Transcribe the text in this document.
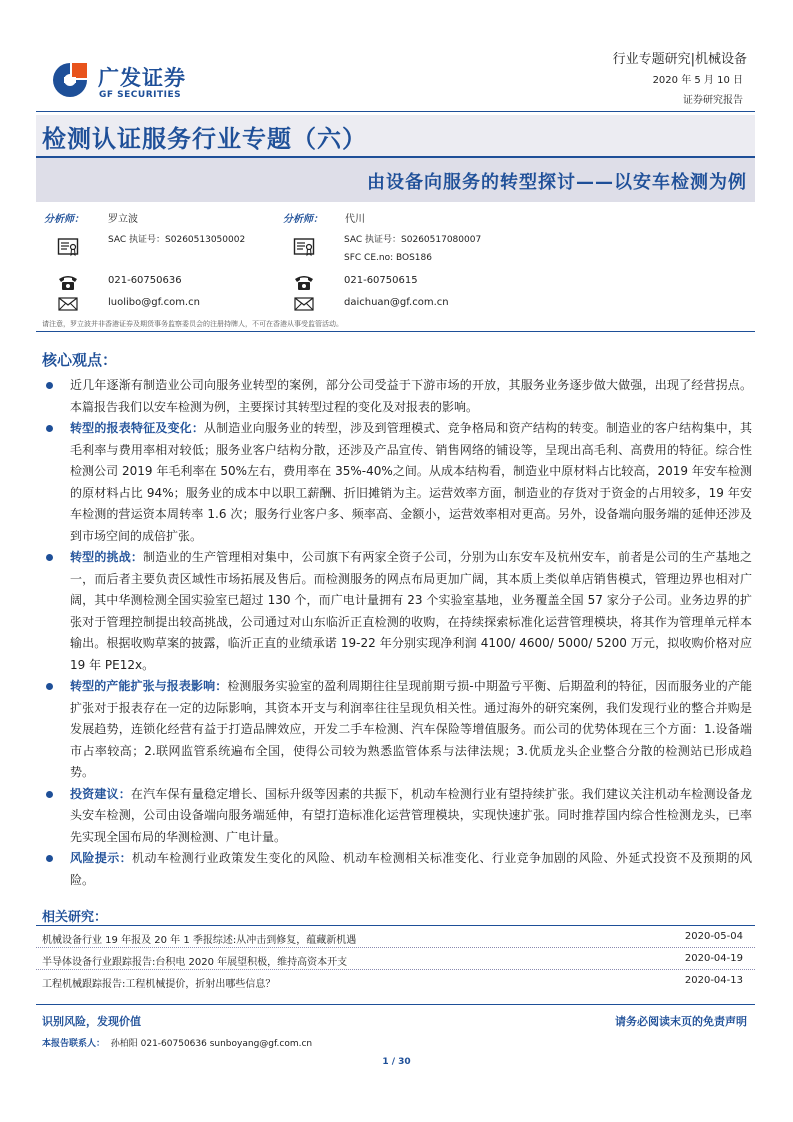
广发证券
GF SECURITIES
行业专题研究|机械设备
2020 年 5 月 10 日
证券研究报告
检测认证服务行业专题（六）
由设备向服务的转型探讨——以安车检测为例
分析师： 罗立波
SAC 执证号：S0260513050002
021-60750636
luolibo@gf.com.cn
分析师： 代川
SAC 执证号：S0260517080007
SFC CE.no: BOS186
021-60750615
daichuan@gf.com.cn
请注意，罗立波并非香港证券及期货事务监察委员会的注册持牌人，不可在香港从事受监管活动。
核心观点：
近几年逐渐有制造业公司向服务业转型的案例，部分公司受益于下游市场的开放，其服务业务逐步做大做强，出现了经营拐点。本篇报告我们以安车检测为例，主要探讨其转型过程的变化及对报表的影响。
转型的报表特征及变化：从制造业向服务业的转型，涉及到管理模式、竞争格局和资产结构的转变。制造业的客户结构集中，其毛利率与费用率相对较低；服务业客户结构分散，还涉及产品宣传、销售网络的铺设等，呈现出高毛利、高费用的特征。综合性检测公司 2019 年毛利率在 50%左右，费用率在 35%-40%之间。从成本结构看，制造业中原材料占比较高，2019 年安车检测的原材料占比 94%；服务业的成本中以职工薪酬、折旧摊销为主。运营效率方面，制造业的存货对于资金的占用较多，19 年安车检测的营运资本周转率 1.6 次；服务行业客户多、频率高、金额小，运营效率相对更高。另外，设备端向服务端的延伸还涉及到市场空间的成倍扩张。
转型的挑战：制造业的生产管理相对集中，公司旗下有两家全资子公司，分别为山东安车及杭州安车，前者是公司的生产基地之一，而后者主要负责区域性市场拓展及售后。而检测服务的网点布局更加广阔，其本质上类似单店销售模式，管理边界也相对广阔，其中华测检测全国实验室已超过 130 个，而广电计量拥有 23 个实验室基地，业务覆盖全国 57 家分子公司。业务边界的扩张对于管理控制提出较高挑战，公司通过对山东临沂正直检测的收购，在持续探索标准化运营管理模块，将其作为管理单元样本输出。根据收购草案的披露，临沂正直的业绩承诺 19-22 年分别实现净利润 4100/ 4600/ 5000/ 5200 万元，拟收购价格对应 19 年 PE12x。
转型的产能扩张与报表影响：检测服务实验室的盈利周期往往呈现前期亏损-中期盈亏平衡、后期盈利的特征，因而服务业的产能扩张对于报表存在一定的边际影响，其资本开支与利润率往往呈现负相关性。通过海外的研究案例，我们发现行业的整合并购是发展趋势，连锁化经营有益于打造品牌效应，开发二手车检测、汽车保险等增值服务。而公司的优势体现在三个方面：1.设备端市占率较高；2.联网监管系统遍布全国，使得公司较为熟悉监管体系与法律法规；3.优质龙头企业整合分散的检测站已形成趋势。
投资建议：在汽车保有量稳定增长、国标升级等因素的共振下，机动车检测行业有望持续扩张。我们建议关注机动车检测设备龙头安车检测，公司由设备端向服务端延伸，有望打造标准化运营管理模块，实现快速扩张。同时推荐国内综合性检测龙头，已率先实现全国布局的华测检测、广电计量。
风险提示：机动车检测行业政策发生变化的风险、机动车检测相关标准变化、行业竞争加剧的风险、外延式投资不及预期的风险。
相关研究：
机械设备行业 19 年报及 20 年 1 季报综述:从冲击到修复，蕴藏新机遇	2020-05-04
半导体设备行业跟踪报告:台积电 2020 年展望积极，维持高资本开支	2020-04-19
工程机械跟踪报告:工程机械提价，折射出哪些信息？	2020-04-13
识别风险，发现价值	请务必阅读末页的免责声明
本报告联系人： 孙柏阳 021-60750636 sunboyang@gf.com.cn
1 / 30
